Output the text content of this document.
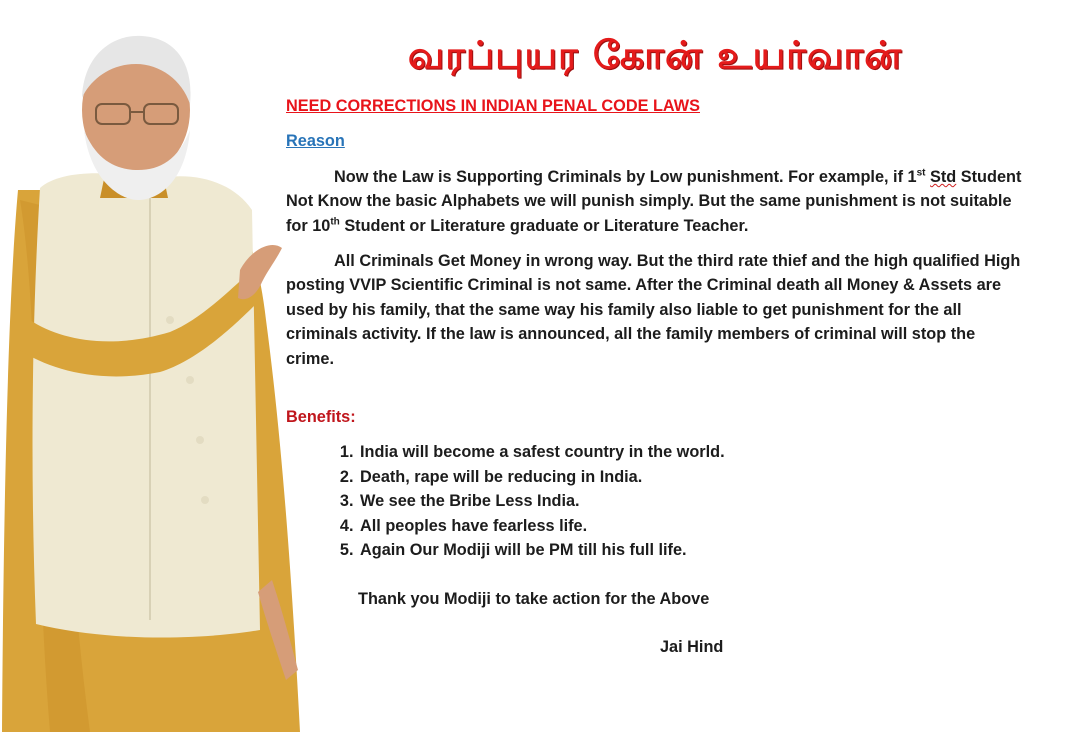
வரப்புயர கோன் உயர்வான்
NEED CORRECTIONS IN INDIAN PENAL CODE LAWS
Reason

Now the Law is Supporting Criminals by Low punishment. For example, if 1st Std Student Not Know the basic Alphabets we will punish simply. But the same punishment is not suitable for 10th Student or Literature graduate or Literature Teacher.

All Criminals Get Money in wrong way. But the third rate thief and the high qualified High posting VVIP Scientific Criminal is not same. After the Criminal death all Money & Assets are used by his family, that the same way his family also liable to get punishment for the all criminals activity. If the law is announced, all the family members of criminal will stop the crime.

Benefits:
1. India will become a safest country in the world.
2. Death, rape will be reducing in India.
3. We see the Bribe Less India.
4. All peoples have fearless life.
5. Again Our Modiji will be PM till his full life.
Thank you Modiji to take action for the Above
Jai Hind
